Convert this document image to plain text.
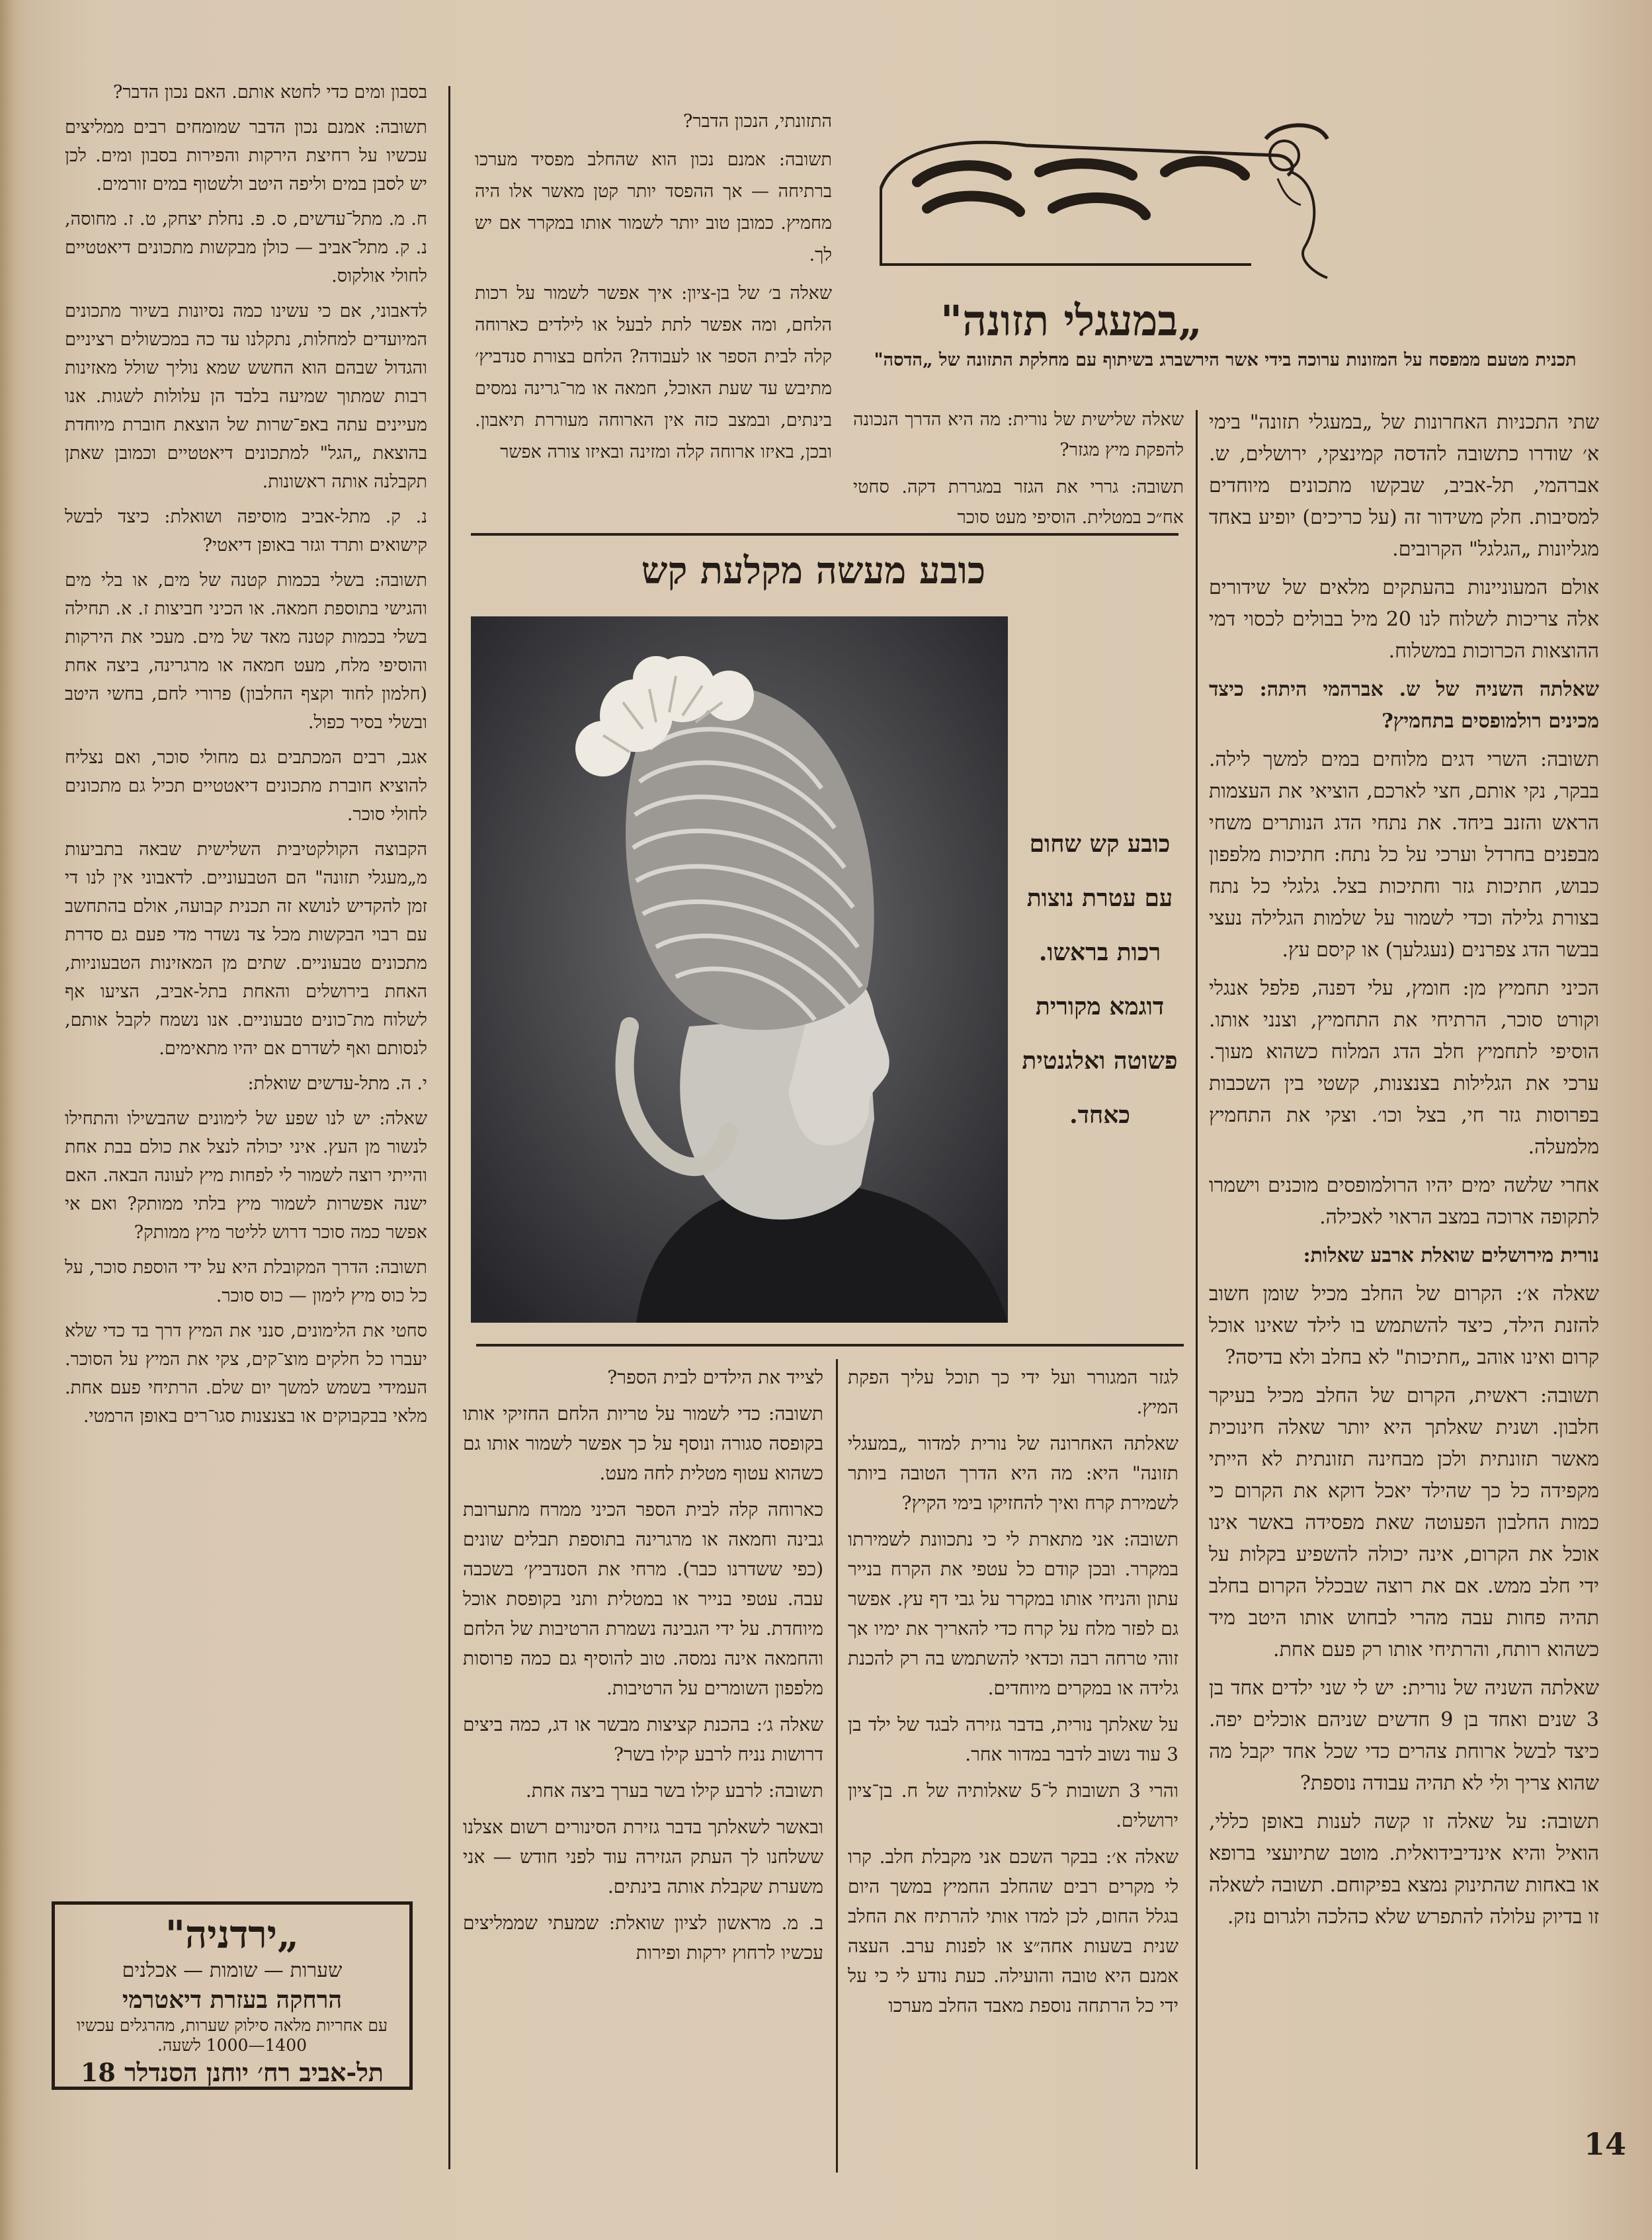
„במעגלי תזונה"
תכנית מטעם ממפסח על המזונות ערוכה בידי אשר הירשברג בשיתוף עם מחלקת התזונה של „הדסה"

שתי התכניות האחרונות של „במעגלי תזונה" בימי א׳ שודרו כתשובה להדסה קמינצקי, ירושלים, ש. אברהמי, תל-אביב, שבקשו מתכונים מיוחדים למסיבות. חלק משידור זה (על כריכים) יופיע באחד מגליונות „הגלגל" הקרובים.

אולם המעוניינות בהעתקים מלאים של שידורים אלה צריכות לשלוח לנו 20 מיל בבולים לכסוי דמי ההוצאות הכרוכות במשלוח.

שאלתה השניה של ש. אברהמי היתה: כיצד מכינים רולמופסים בתחמיץ?

תשובה: השרי דגים מלוחים במים למשך לילה. בבקר, נקי אותם, חצי לארכם, הוציאי את העצמות הראש והזנב ביחד. את נתחי הדג הנותרים משחי מבפנים בחרדל וערכי על כל נתח: חתיכות מלפפון כבוש, חתיכות גזר וחתיכות בצל. גלגלי כל נתח בצורת גלילה וכדי לשמור על שלמות הגלילה נעצי בבשר הדג צפרנים (נעגלעך) או קיסם עץ.

הכיני תחמיץ מן: חומץ, עלי דפנה, פלפל אנגלי וקורט סוכר, הרתיחי את התחמיץ, וצנני אותו. הוסיפי לתחמיץ חלב הדג המלוח כשהוא מעוך. ערכי את הגלילות בצנצנות, קשטי בין השכבות בפרוסות גזר חי, בצל וכו׳. וצקי את התחמיץ מלמעלה.

אחרי שלשה ימים יהיו הרולמופסים מוכנים וישמרו לתקופה ארוכה במצב הראוי לאכילה.

נורית מירושלים שואלת ארבע שאלות:

שאלה א׳: הקרום של החלב מכיל שומן חשוב להזנת הילד, כיצד להשתמש בו לילד שאינו אוכל קרום ואינו אוהב „חתיכות" לא בחלב ולא בדיסה?

תשובה: ראשית, הקרום של החלב מכיל בעיקר חלבון. ושנית שאלתך היא יותר שאלה חינוכית מאשר תזונתית ולכן מבחינה תזונתית לא הייתי מקפידה כל כך שהילד יאכל דוקא את הקרום כי כמות החלבון הפעוטה שאת מפסידה באשר אינו אוכל את הקרום, אינה יכולה להשפיע בקלות על ידי חלב ממש. אם את רוצה שבכלל הקרום בחלב תהיה פחות עבה מהרי לבחוש אותו היטב מיד כשהוא רותח, והרתיחי אותו רק פעם אחת.

שאלתה השניה של נורית: יש לי שני ילדים אחד בן 3 שנים ואחד בן 9 חדשים שניהם אוכלים יפה. כיצד לבשל ארוחת צהרים כדי שכל אחד יקבל מה שהוא צריך ולי לא תהיה עבודה נוספת?

תשובה: על שאלה זו קשה לענות באופן כללי, הואיל והיא אינדיבידואלית. מוטב שתיועצי ברופא או באחות שהתינוק נמצא בפיקוחם. תשובה לשאלה זו בדיוק עלולה להתפרש שלא כהלכה ולגרום נזק.

שאלה שלישית של נורית: מה היא הדרך הנכונה להפקת מיץ מגזר?

תשובה: גררי את הגזר במגררת דקה. סחטי אח״כ במטלית. הוסיפי מעט סוכר

התזונתי, הנכון הדבר?

תשובה: אמנם נכון הוא שהחלב מפסיד מערכו ברתיחה — אך ההפסד יותר קטן מאשר אלו היה מחמיץ. כמובן טוב יותר לשמור אותו במקרר אם יש לך.

שאלה ב׳ של בן-ציון: איך אפשר לשמור על רכות הלחם, ומה אפשר לתת לבעל או לילדים כארוחה קלה לבית הספר או לעבודה? הלחם בצורת סנדביץ׳ מתיבש עד שעת האוכל, חמאה או מר־גרינה נמסים בינתים, ובמצב כזה אין הארוחה מעוררת תיאבון. ובכן, באיזו ארוחה קלה ומזינה ובאיזו צורה אפשר

כובע מעשה מקלעת קש
כובע קש שחום
עם עטרת נוצות
רכות בראשו.
דוגמא מקורית
פשוטה ואלגנטית
כאחד.

לגזר המגורר ועל ידי כך תוכל עליך הפקת המיץ.

שאלתה האחרונה של נורית למדור „במעגלי תזונה" היא: מה היא הדרך הטובה ביותר לשמירת קרח ואיך להחזיקו בימי הקיץ?

תשובה: אני מתארת לי כי נתכוונת לשמירתו במקרר. ובכן קודם כל עטפי את הקרח בנייר עתון והניחי אותו במקרר על גבי דף עץ. אפשר גם לפזר מלח על קרח כדי להאריך את ימיו אך זוהי טרחה רבה וכדאי להשתמש בה רק להכנת גלידה או במקרים מיוחדים.

על שאלתך נורית, בדבר גזירה לבגד של ילד בן 3 עוד נשוב לדבר במדור אחר.

והרי 3 תשובות ל־5 שאלותיה של ח. בן־ציון ירושלים.

שאלה א׳: בבקר השכם אני מקבלת חלב. קרו לי מקרים רבים שהחלב החמיץ במשך היום בגלל החום, לכן למדו אותי להרתיח את החלב שנית בשעות אחה״צ או לפנות ערב. העצה אמנם היא טובה והועילה. כעת נודע לי כי על ידי כל הרתחה נוספת מאבד החלב מערכו

לצייד את הילדים לבית הספר?

תשובה: כדי לשמור על טריות הלחם החזיקי אותו בקופסה סגורה ונוסף על כך אפשר לשמור אותו גם כשהוא עטוף מטלית לחה מעט.

כארוחה קלה לבית הספר הכיני ממרח מתערובת גבינה וחמאה או מרגרינה בתוספת תבלים שונים (כפי ששדרנו כבר). מרחי את הסנדביץ׳ בשכבה עבה. עטפי בנייר או במטלית ותני בקופסת אוכל מיוחדת. על ידי הגבינה נשמרת הרטיבות של הלחם והחמאה אינה נמסה. טוב להוסיף גם כמה פרוסות מלפפון השומרים על הרטיבות.

שאלה ג׳: בהכנת קציצות מבשר או דג, כמה ביצים דרושות נניח לרבע קילו בשר?

תשובה: לרבע קילו בשר בערך ביצה אחת.

ובאשר לשאלתך בדבר גזירת הסינורים רשום אצלנו ששלחנו לך העתק הגזירה עוד לפני חודש — אני משערת שקבלת אותה בינתים.

ב. מ. מראשון לציון שואלת: שמעתי שממליצים עכשיו לרחוץ ירקות ופירות

בסבון ומים כדי לחטא אותם. האם נכון הדבר?

תשובה: אמנם נכון הדבר שמומחים רבים ממליצים עכשיו על רחיצת הירקות והפירות בסבון ומים. לכן יש לסבן במים וליפה היטב ולשטוף במים זורמים.

ח. מ. מתל־עדשים, ס. פ. נחלת יצחק, ט. ז. מחוסה, נ. ק. מתל־אביב — כולן מבקשות מתכונים דיאטטיים לחולי אולקוס.

לדאבוני, אם כי עשינו כמה נסיונות בשיור מתכונים המיועדים למחלות, נתקלנו עד כה במכשולים רציניים והגדול שבהם הוא החשש שמא נוליך שולל מאזינות רבות שמתוך שמיעה בלבד הן עלולות לשגות. אנו מעיינים עתה באפ־שרות של הוצאת חוברת מיוחדת בהוצאת „הגל" למתכונים דיאטטיים וכמובן שאתן תקבלנה אותה ראשונות.

נ. ק. מתל-אביב מוסיפה ושואלת: כיצד לבשל קישואים ותרד וגזר באופן דיאטי?

תשובה: בשלי בכמות קטנה של מים, או בלי מים והגישי בתוספת חמאה. או הכיני חביצות ז. א. תחילה בשלי בכמות קטנה מאד של מים. מעכי את הירקות והוסיפי מלח, מעט חמאה או מרגרינה, ביצה אחת (חלמון לחוד וקצף החלבון) פרורי לחם, בחשי היטב ובשלי בסיר כפול.

אגב, רבים המכתבים גם מחולי סוכר, ואם נצליח להוציא חוברת מתכונים דיאטטיים תכיל גם מתכונים לחולי סוכר.

הקבוצה הקולקטיבית השלישית שבאה בתביעות מ„מעגלי תזונה" הם הטבעוניים. לדאבוני אין לנו די זמן להקדיש לנושא זה תכנית קבועה, אולם בהתחשב עם רבוי הבקשות מכל צד נשדר מדי פעם גם סדרת מתכונים טבעוניים. שתים מן המאזינות הטבעוניות, האחת בירושלים והאחת בתל-אביב, הציעו אף לשלוח מת־כונים טבעוניים. אנו נשמח לקבל אותם, לנסותם ואף לשדרם אם יהיו מתאימים.

י. ה. מתל-עדשים שואלת:

שאלה: יש לנו שפע של לימונים שהבשילו והתחילו לנשור מן העץ. איני יכולה לנצל את כולם בבת אחת והייתי רוצה לשמור לי לפחות מיץ לעונה הבאה. האם ישנה אפשרות לשמור מיץ בלתי ממותק? ואם אי אפשר כמה סוכר דרוש לליטר מיץ ממותק?

תשובה: הדרך המקובלת היא על ידי הוספת סוכר, על כל כוס מיץ לימון — כוס סוכר.

סחטי את הלימונים, סנני את המיץ דרך בד כדי שלא יעברו כל חלקים מוצ־קים, צקי את המיץ על הסוכר. העמידי בשמש למשך יום שלם. הרתיחי פעם אחת. מלאי בבקבוקים או בצנצנות סגו־רים באופן הרמטי.

„ירדניה"
שערות — שומות — אכלנים
הרחקה בעזרת דיאטרמי
עם אחריות מלאה סילוק שערות, מהרגלים עכשיו 1400—1000 לשעה.
תל-אביב רח׳ יוחנן הסנדלר 18
14
